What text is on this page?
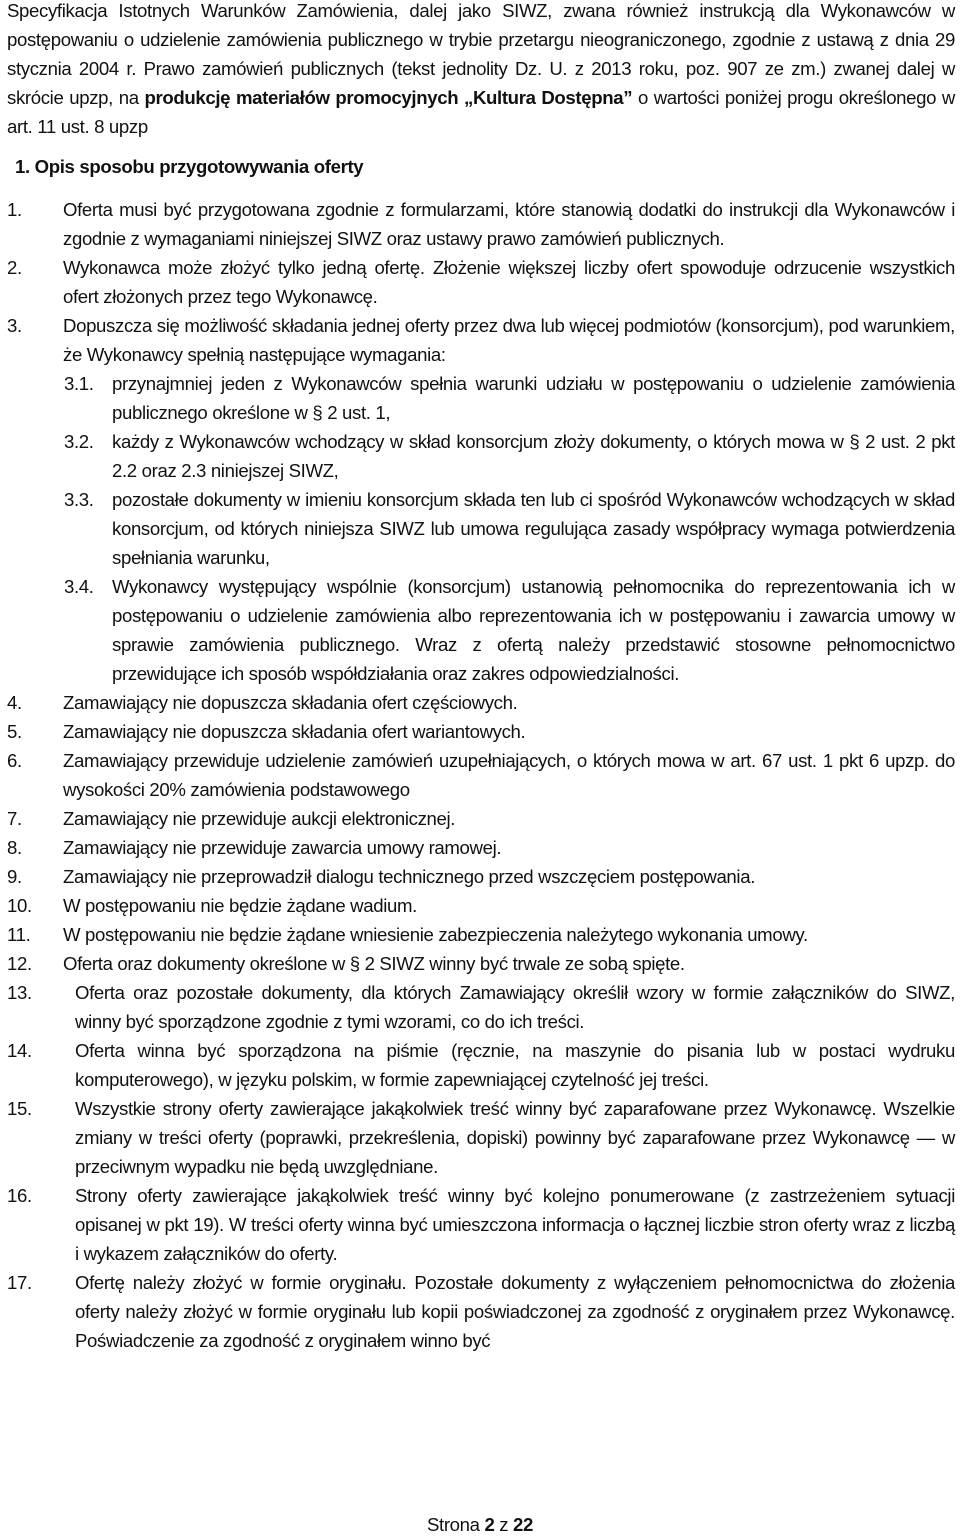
Specyfikacja Istotnych Warunków Zamówienia, dalej jako SIWZ, zwana również instrukcją dla Wykonawców w postępowaniu o udzielenie zamówienia publicznego w trybie przetargu nieograniczonego, zgodnie z ustawą z dnia 29 stycznia 2004 r. Prawo zamówień publicznych (tekst jednolity Dz. U. z 2013 roku, poz. 907 ze zm.) zwanej dalej w skrócie upzp, na produkcję materiałów promocyjnych „Kultura Dostępna” o wartości poniżej progu określonego w art. 11 ust. 8 upzp

1. Opis sposobu przygotowywania oferty

1.	Oferta musi być przygotowana zgodnie z formularzami, które stanowią dodatki do instrukcji dla Wykonawców i zgodnie z wymaganiami niniejszej SIWZ oraz ustawy prawo zamówień publicznych.
2.	Wykonawca może złożyć tylko jedną ofertę. Złożenie większej liczby ofert spowoduje odrzucenie wszystkich ofert złożonych przez tego Wykonawcę.
3.	Dopuszcza się możliwość składania jednej oferty przez dwa lub więcej podmiotów (konsorcjum), pod warunkiem, że Wykonawcy spełnią następujące wymagania:
3.1. przynajmniej jeden z Wykonawców spełnia warunki udziału w postępowaniu o udzielenie zamówienia publicznego określone w § 2 ust. 1,
3.2. każdy z Wykonawców wchodzący w skład konsorcjum złoży dokumenty, o których mowa w § 2 ust. 2 pkt 2.2 oraz 2.3 niniejszej SIWZ,
3.3. pozostałe dokumenty w imieniu konsorcjum składa ten lub ci spośród Wykonawców wchodzących w skład konsorcjum, od których niniejsza SIWZ lub umowa regulująca zasady współpracy wymaga potwierdzenia spełniania warunku,
3.4. Wykonawcy występujący wspólnie (konsorcjum) ustanowią pełnomocnika do reprezentowania ich w postępowaniu o udzielenie zamówienia albo reprezentowania ich w postępowaniu i zawarcia umowy w sprawie zamówienia publicznego. Wraz z ofertą należy przedstawić stosowne pełnomocnictwo przewidujące ich sposób współdziałania oraz zakres odpowiedzialności.
4.	Zamawiający nie dopuszcza składania ofert częściowych.
5.	Zamawiający nie dopuszcza składania ofert wariantowych.
6.	Zamawiający przewiduje udzielenie zamówień uzupełniających, o których mowa w art. 67 ust. 1 pkt 6 upzp. do wysokości 20% zamówienia podstawowego
7.	Zamawiający nie przewiduje aukcji elektronicznej.
8.	Zamawiający nie przewiduje zawarcia umowy ramowej.
9.	Zamawiający nie przeprowadził dialogu technicznego przed wszczęciem postępowania.
10.	W postępowaniu nie będzie żądane wadium.
11.	W postępowaniu nie będzie żądane wniesienie zabezpieczenia należytego wykonania umowy.
12.	Oferta oraz dokumenty określone w § 2 SIWZ winny być trwale ze sobą spięte.
13.	Oferta oraz pozostałe dokumenty, dla których Zamawiający określił wzory w formie załączników do SIWZ, winny być sporządzone zgodnie z tymi wzorami, co do ich treści.
14.	Oferta winna być sporządzona na piśmie (ręcznie, na maszynie do pisania lub w postaci wydruku komputerowego), w języku polskim, w formie zapewniającej czytelność jej treści.
15.	Wszystkie strony oferty zawierające jakąkolwiek treść winny być zaparafowane przez Wykonawcę. Wszelkie zmiany w treści oferty (poprawki, przekreślenia, dopiski) powinny być zaparafowane przez Wykonawcę — w przeciwnym wypadku nie będą uwzględniane.
16.	Strony oferty zawierające jakąkolwiek treść winny być kolejno ponumerowane (z zastrzeżeniem sytuacji opisanej w pkt 19). W treści oferty winna być umieszczona informacja o łącznej liczbie stron oferty wraz z liczbą i wykazem załączników do oferty.
17.	Ofertę należy złożyć w formie oryginału. Pozostałe dokumenty z wyłączeniem pełnomocnictwa do złożenia oferty należy złożyć w formie oryginału lub kopii poświadczonej za zgodność z oryginałem przez Wykonawcę. Poświadczenie za zgodność z oryginałem winno być
Strona 2 z 22
